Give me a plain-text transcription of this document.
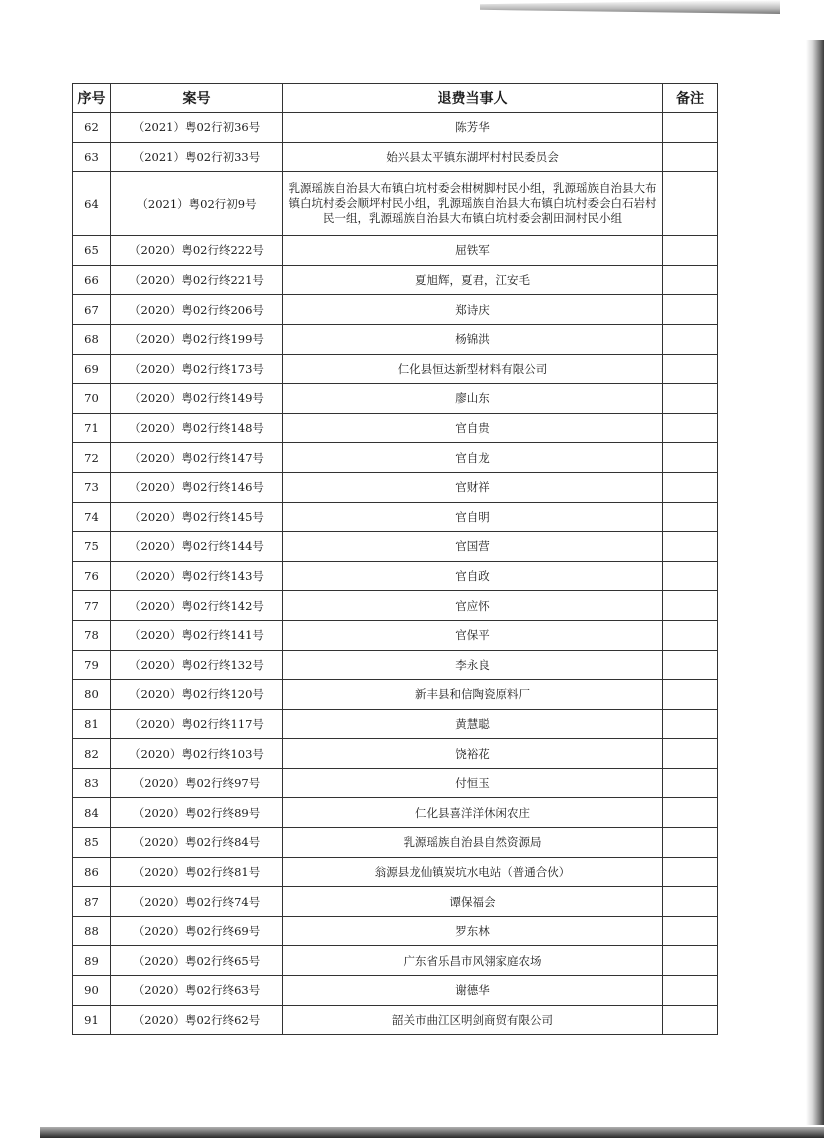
序号	案号	退费当事人	备注
62	（2021）粤02行初36号	陈芳华	
63	（2021）粤02行初33号	始兴县太平镇东湖坪村村民委员会	
64	（2021）粤02行初9号	乳源瑶族自治县大布镇白坑村委会柑树脚村民小组，乳源瑶族自治县大布镇白坑村委会顺坪村民小组，乳源瑶族自治县大布镇白坑村委会白石岩村民一组，乳源瑶族自治县大布镇白坑村委会割田洞村民小组	
65	（2020）粤02行终222号	屈铁军	
66	（2020）粤02行终221号	夏旭辉，夏君，江安毛	
67	（2020）粤02行终206号	郑诗庆	
68	（2020）粤02行终199号	杨锦洪	
69	（2020）粤02行终173号	仁化县恒达新型材料有限公司	
70	（2020）粤02行终149号	廖山东	
71	（2020）粤02行终148号	官自贵	
72	（2020）粤02行终147号	官自龙	
73	（2020）粤02行终146号	官财祥	
74	（2020）粤02行终145号	官自明	
75	（2020）粤02行终144号	官国营	
76	（2020）粤02行终143号	官自政	
77	（2020）粤02行终142号	官应怀	
78	（2020）粤02行终141号	官保平	
79	（2020）粤02行终132号	李永良	
80	（2020）粤02行终120号	新丰县和信陶瓷原料厂	
81	（2020）粤02行终117号	黄慧聪	
82	（2020）粤02行终103号	饶裕花	
83	（2020）粤02行终97号	付恒玉	
84	（2020）粤02行终89号	仁化县喜洋洋休闲农庄	
85	（2020）粤02行终84号	乳源瑶族自治县自然资源局	
86	（2020）粤02行终81号	翁源县龙仙镇炭坑水电站（普通合伙）	
87	（2020）粤02行终74号	谭保福会	
88	（2020）粤02行终69号	罗东林	
89	（2020）粤02行终65号	广东省乐昌市风翎家庭农场	
90	（2020）粤02行终63号	谢德华	
91	（2020）粤02行终62号	韶关市曲江区明剑商贸有限公司	
